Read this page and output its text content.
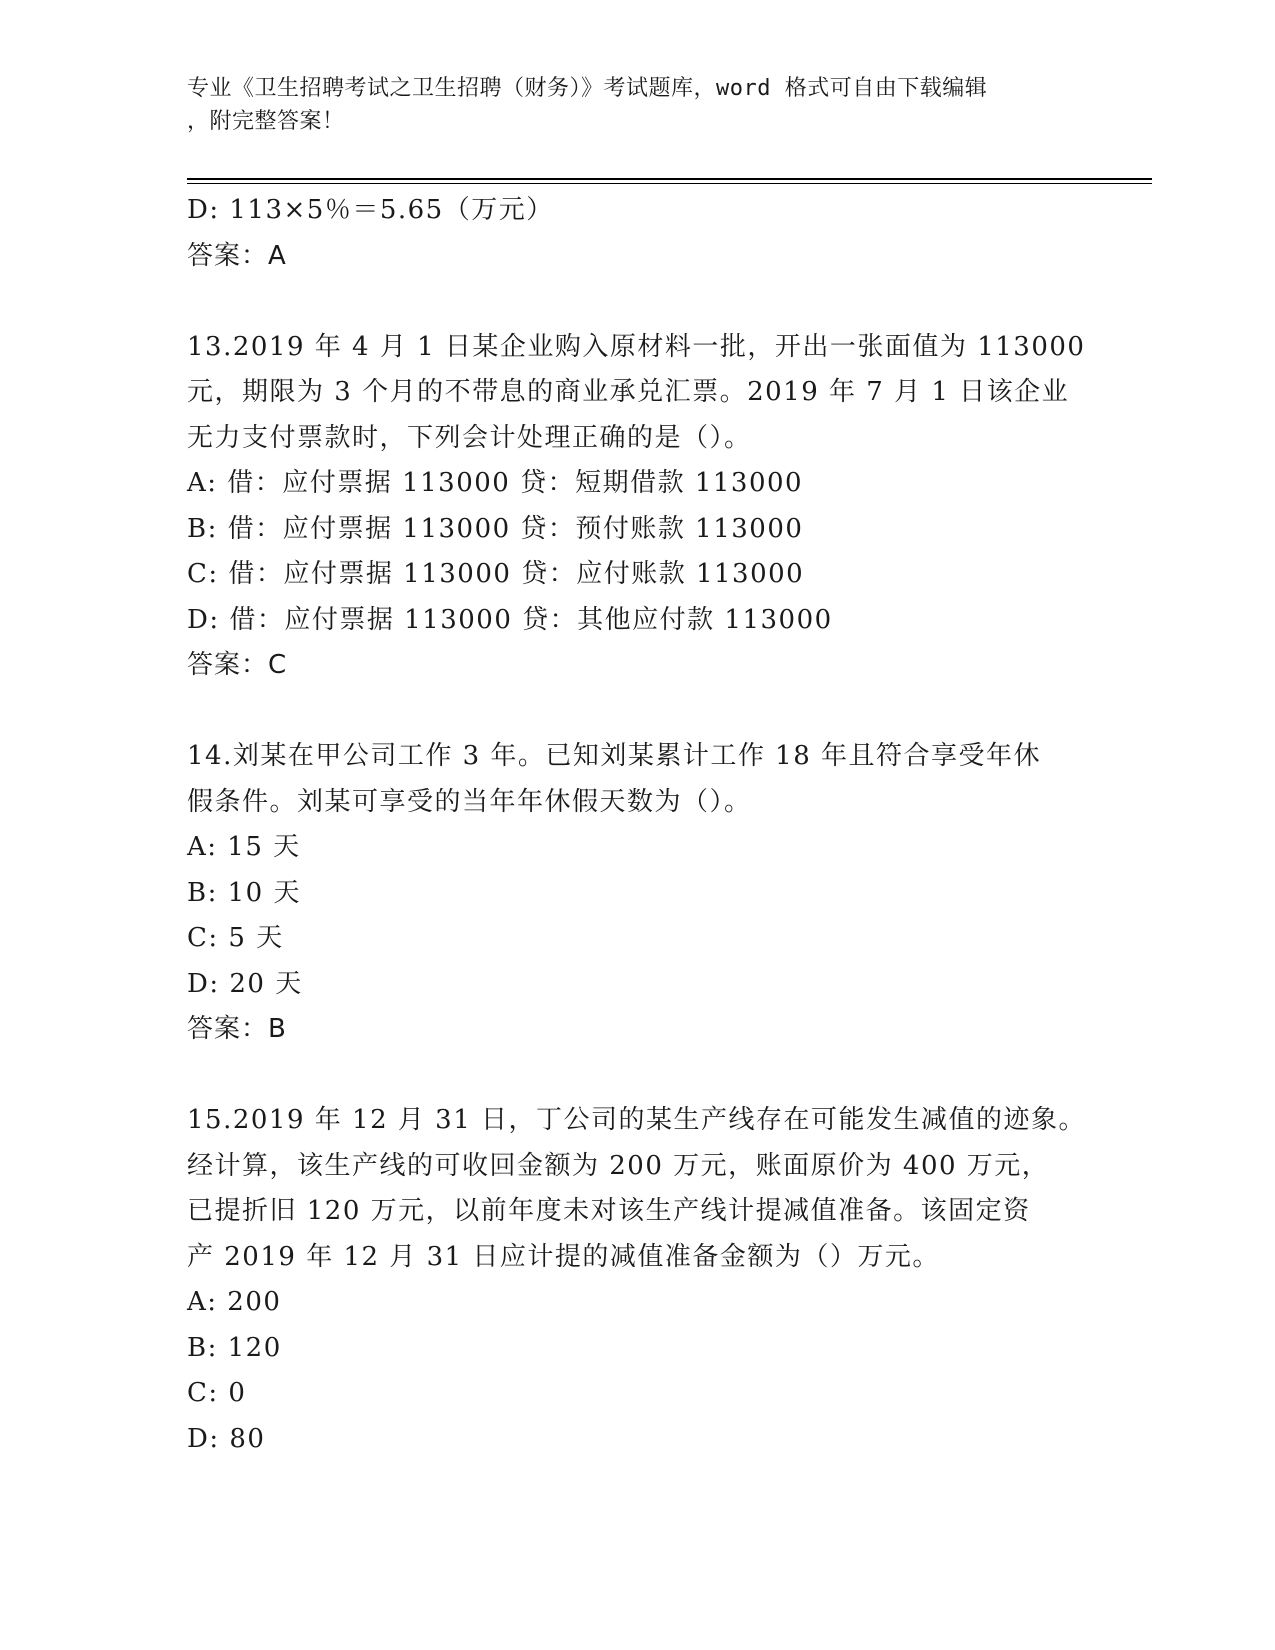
专业《卫生招聘考试之卫生招聘（财务）》考试题库，word 格式可自由下载编辑
，附完整答案！
D: 113×5％＝5.65（万元）
答案：A
13.2019 年 4 月 1 日某企业购入原材料一批，开出一张面值为 113000
元，期限为 3 个月的不带息的商业承兑汇票。2019 年 7 月 1 日该企业
无力支付票款时，下列会计处理正确的是（）。
A: 借：应付票据 113000 贷：短期借款 113000
B: 借：应付票据 113000 贷：预付账款 113000
C: 借：应付票据 113000 贷：应付账款 113000
D: 借：应付票据 113000 贷：其他应付款 113000
答案：C
14.刘某在甲公司工作 3 年。已知刘某累计工作 18 年且符合享受年休
假条件。刘某可享受的当年年休假天数为（）。
A: 15 天
B: 10 天
C: 5 天
D: 20 天
答案：B
15.2019 年 12 月 31 日，丁公司的某生产线存在可能发生减值的迹象。
经计算，该生产线的可收回金额为 200 万元，账面原价为 400 万元，
已提折旧 120 万元，以前年度未对该生产线计提减值准备。该固定资
产 2019 年 12 月 31 日应计提的减值准备金额为（）万元。
A: 200
B: 120
C: 0
D: 80
